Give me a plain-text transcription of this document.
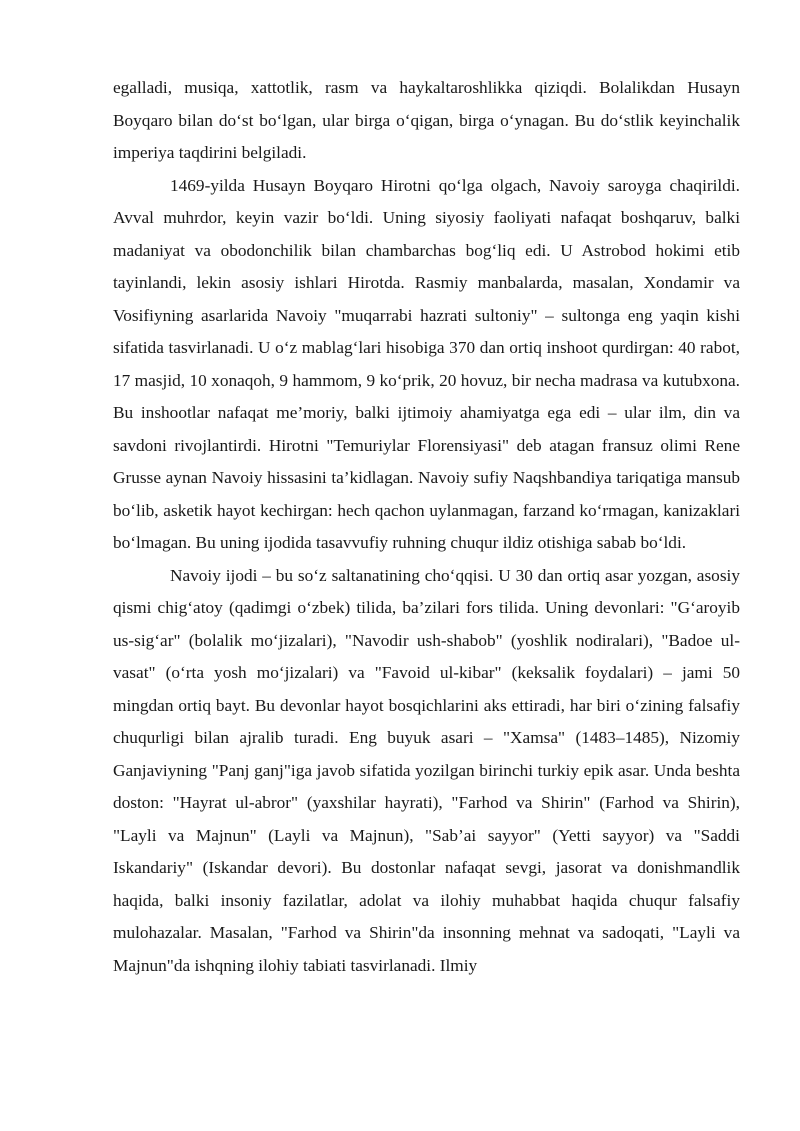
egalladi, musiqa, xattotlik, rasm va haykaltaroshlikka qiziqdi. Bolalikdan Husayn Boyqaro bilan do‘st bo‘lgan, ular birga o‘qigan, birga o‘ynagan. Bu do‘stlik keyinchalik imperiya taqdirini belgiladi.

1469-yilda Husayn Boyqaro Hirotni qo‘lga olgach, Navoiy saroyga chaqirildi. Avval muhrdor, keyin vazir bo‘ldi. Uning siyosiy faoliyati nafaqat boshqaruv, balki madaniyat va obodonchilik bilan chambarchas bog‘liq edi. U Astrobod hokimi etib tayinlandi, lekin asosiy ishlari Hirotda. Rasmiy manbalarda, masalan, Xondamir va Vosifiyning asarlarida Navoiy "muqarrabi hazrati sultoniy" – sultonga eng yaqin kishi sifatida tasvirlanadi. U o‘z mablag‘lari hisobiga 370 dan ortiq inshoot qurdirgan: 40 rabot, 17 masjid, 10 xonaqoh, 9 hammom, 9 ko‘prik, 20 hovuz, bir necha madrasa va kutubxona. Bu inshootlar nafaqat me’moriy, balki ijtimoiy ahamiyatga ega edi – ular ilm, din va savdoni rivojlantirdi. Hirotni "Temuriylar Florensiyasi" deb atagan fransuz olimi Rene Grusse aynan Navoiy hissasini ta’kidlagan. Navoiy sufiy Naqshbandiya tariqatiga mansub bo‘lib, asketik hayot kechirgan: hech qachon uylanmagan, farzand ko‘rmagan, kanizaklari bo‘lmagan. Bu uning ijodida tasavvufiy ruhning chuqur ildiz otishiga sabab bo‘ldi.

Navoiy ijodi – bu so‘z saltanatining cho‘qqisi. U 30 dan ortiq asar yozgan, asosiy qismi chig‘atoy (qadimgi o‘zbek) tilida, ba’zilari fors tilida. Uning devonlari: "G‘aroyib us-sig‘ar" (bolalik mo‘jizalari), "Navodir ush-shabob" (yoshlik nodiralari), "Badoe ul-vasat" (o‘rta yosh mo‘jizalari) va "Favoid ul-kibar" (keksalik foydalari) – jami 50 mingdan ortiq bayt. Bu devonlar hayot bosqichlarini aks ettiradi, har biri o‘zining falsafiy chuqurligi bilan ajralib turadi. Eng buyuk asari – "Xamsa" (1483–1485), Nizomiy Ganjaviyning "Panj ganj"iga javob sifatida yozilgan birinchi turkiy epik asar. Unda beshta doston: "Hayrat ul-abror" (yaxshilar hayrati), "Farhod va Shirin" (Farhod va Shirin), "Layli va Majnun" (Layli va Majnun), "Sab’ai sayyor" (Yetti sayyor) va "Saddi Iskandariy" (Iskandar devori). Bu dostonlar nafaqat sevgi, jasorat va donishmandlik haqida, balki insoniy fazilatlar, adolat va ilohiy muhabbat haqida chuqur falsafiy mulohazalar. Masalan, "Farhod va Shirin"da insonning mehnat va sadoqati, "Layli va Majnun"da ishqning ilohiy tabiati tasvirlanadi. Ilmiy
